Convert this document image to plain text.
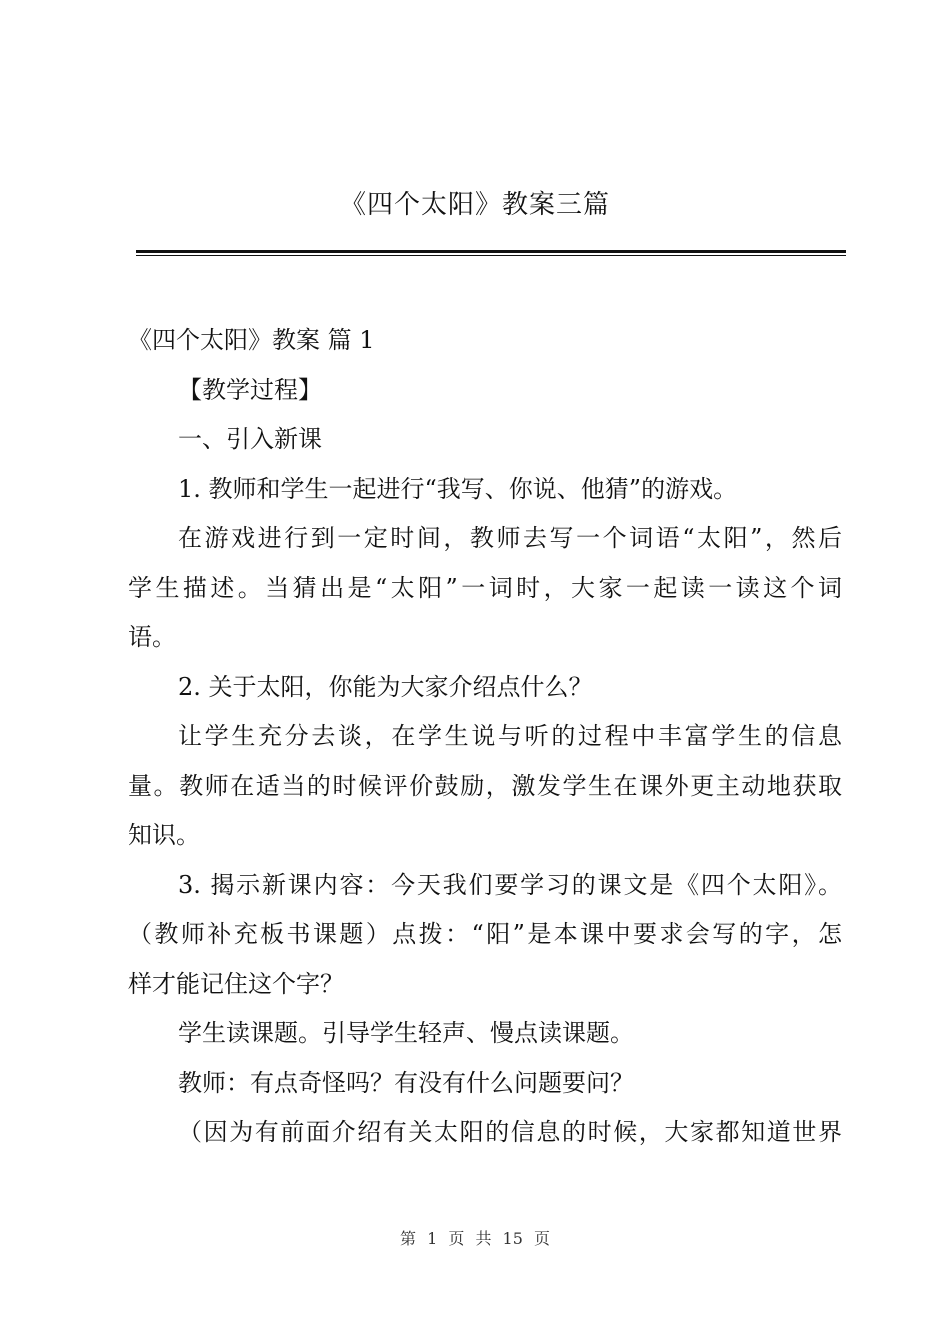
《四个太阳》教案三篇
《四个太阳》教案 篇 1
【教学过程】
一、引入新课
1. 教师和学生一起进行“我写、你说、他猜”的游戏。
在游戏进行到一定时间，教师去写一个词语“太阳”，然后
学生描述。当猜出是“太阳”一词时，大家一起读一读这个词
语。
2. 关于太阳，你能为大家介绍点什么？
让学生充分去谈，在学生说与听的过程中丰富学生的信息
量。教师在适当的时候评价鼓励，激发学生在课外更主动地获取
知识。
3. 揭示新课内容：今天我们要学习的课文是《四个太阳》。
（教师补充板书课题）点拨：“阳”是本课中要求会写的字，怎
样才能记住这个字？
学生读课题。引导学生轻声、慢点读课题。
教师：有点奇怪吗？有没有什么问题要问？
（因为有前面介绍有关太阳的信息的时候，大家都知道世界
第 1 页 共 15 页
